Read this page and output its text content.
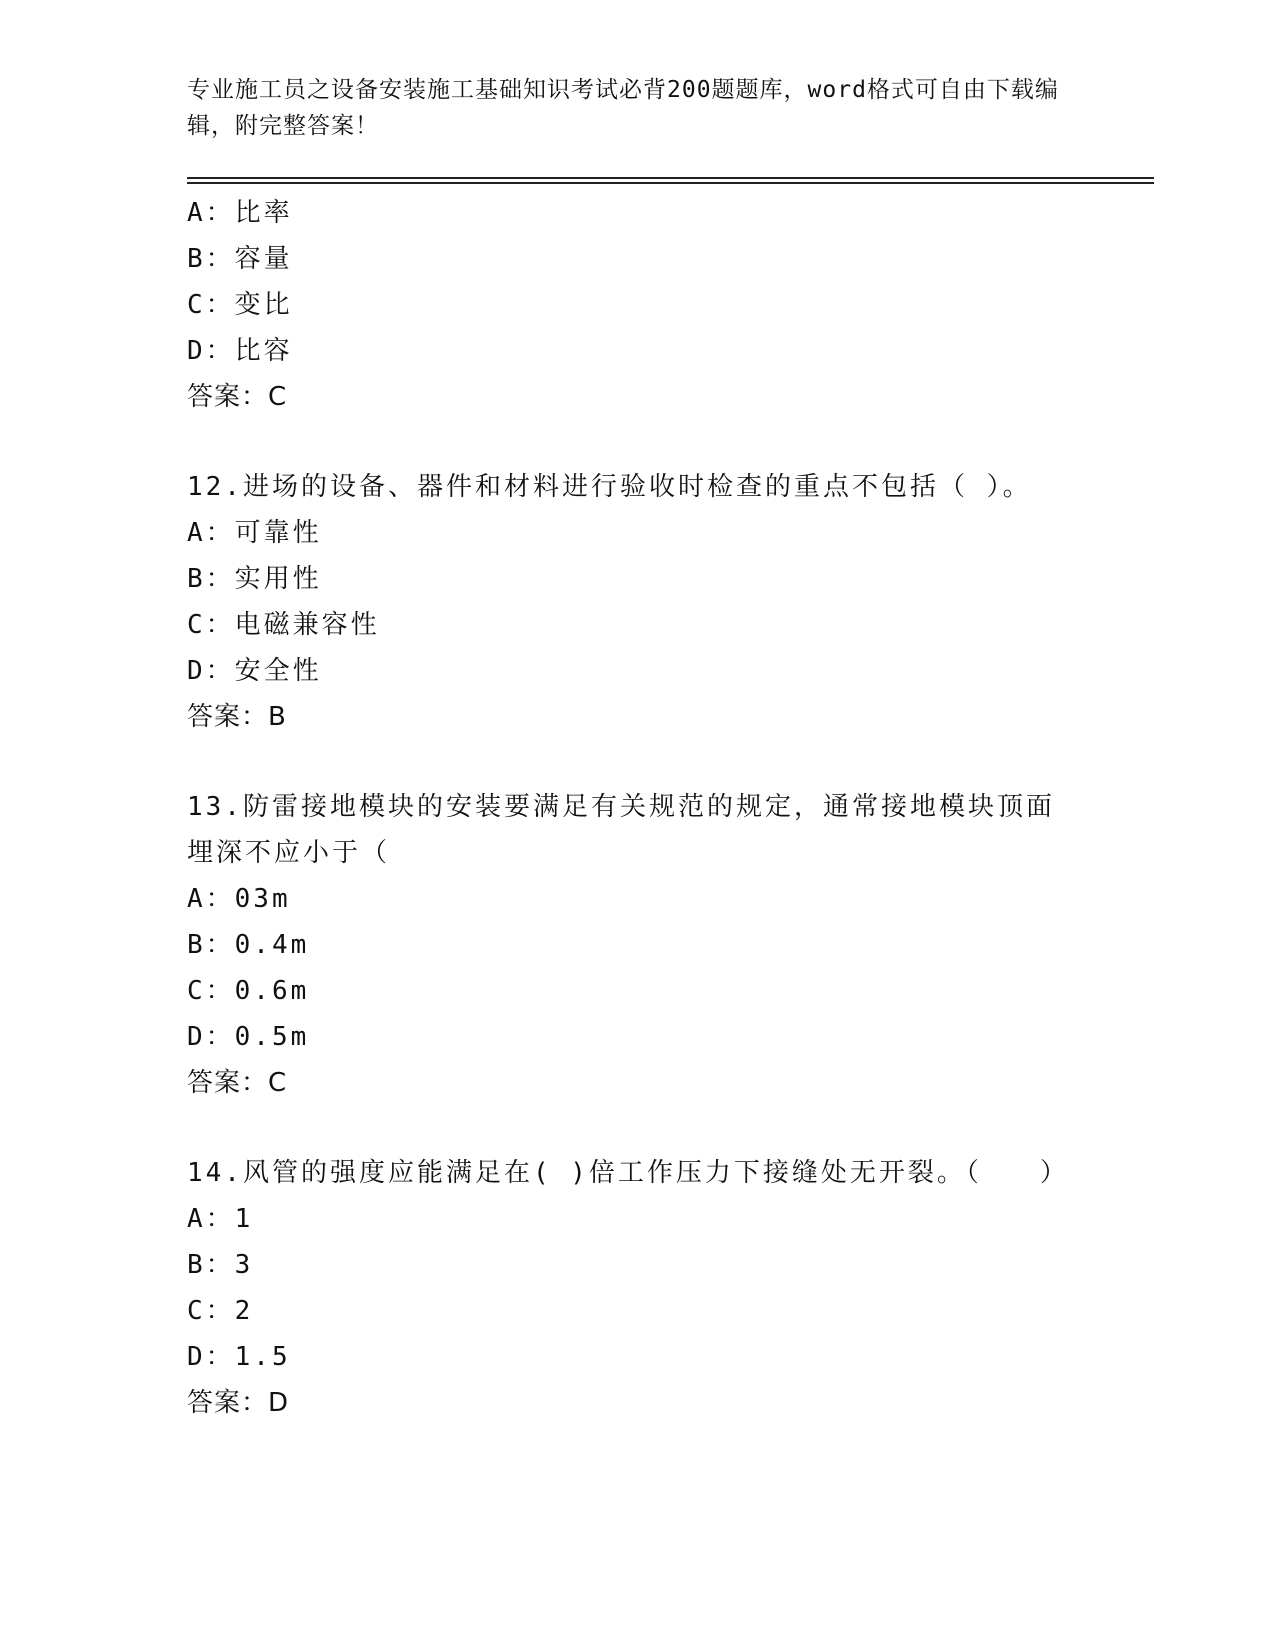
专业施工员之设备安装施工基础知识考试必背200题题库，word格式可自由下载编辑，附完整答案！
A：比率
B：容量
C：变比
D：比容
答案：C
12.进场的设备、器件和材料进行验收时检查的重点不包括（ ）。
A：可靠性
B：实用性
C：电磁兼容性
D：安全性
答案：B
13.防雷接地模块的安装要满足有关规范的规定，通常接地模块顶面埋深不应小于（
A：03m
B：0.4m
C：0.6m
D：0.5m
答案：C
14.风管的强度应能满足在( )倍工作压力下接缝处无开裂。（　　）
A：1
B：3
C：2
D：1.5
答案：D
